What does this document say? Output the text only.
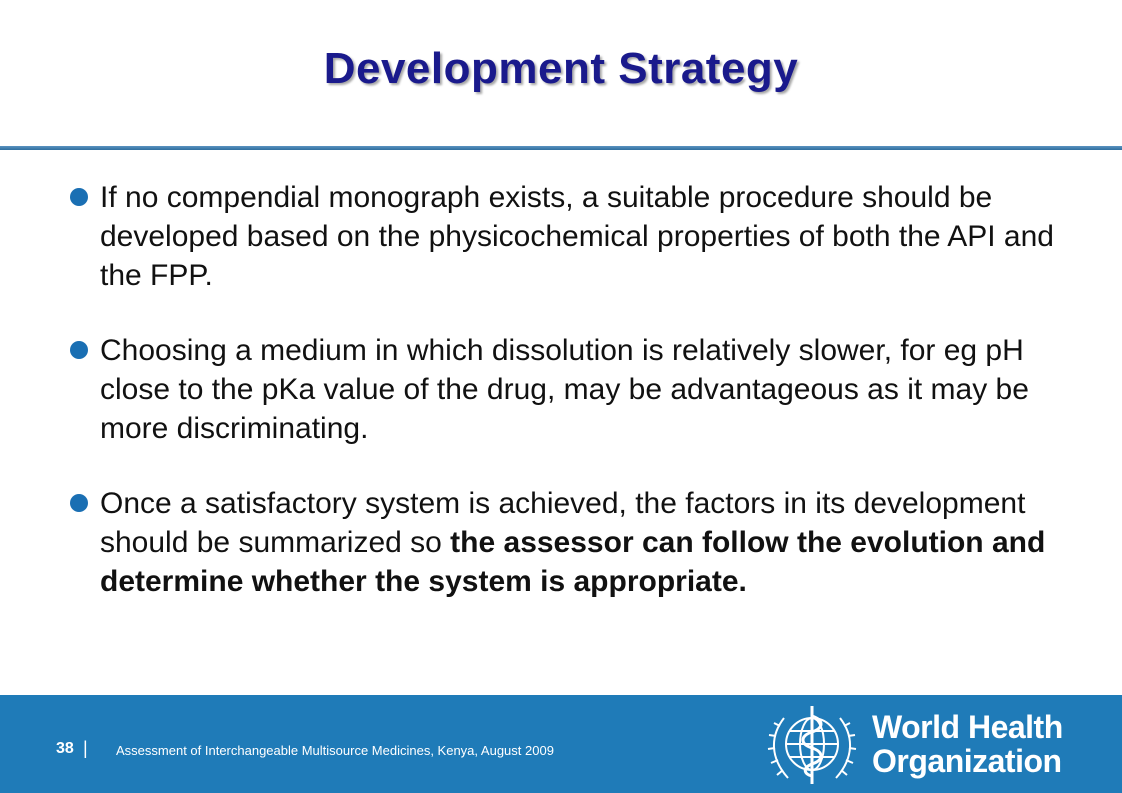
Development Strategy
If no compendial monograph exists, a suitable procedure should be developed based on the physicochemical properties of both the API and the FPP.
Choosing a medium in which dissolution is relatively slower, for eg pH close to the pKa value of the drug, may be advantageous as it may be more discriminating.
Once a satisfactory system is achieved, the factors in its development should be summarized so the assessor can follow the evolution and determine whether the system is appropriate.
38 | Assessment of Interchangeable Multisource Medicines, Kenya, August 2009
World Health
Organization
